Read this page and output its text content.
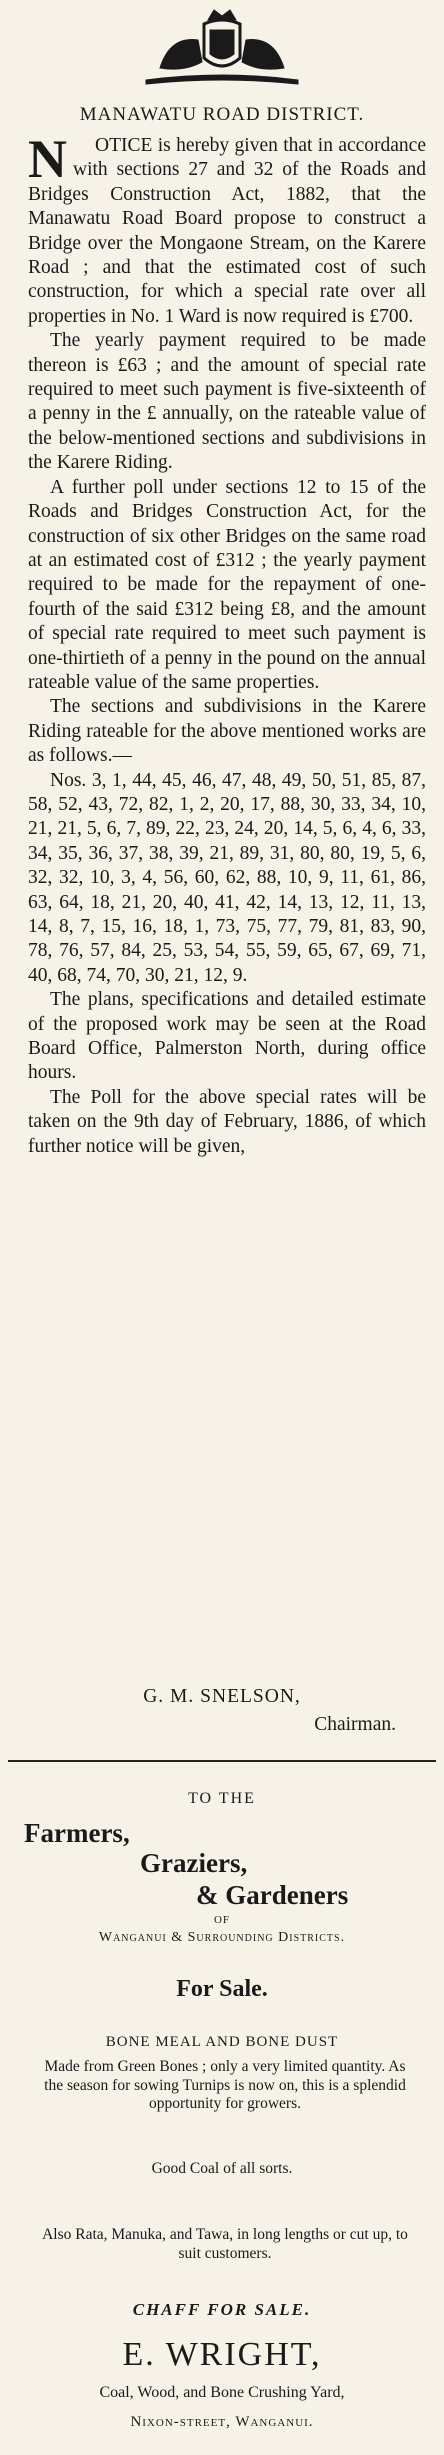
MANAWATU ROAD DISTRICT.

N OTICE is hereby given that in accordance with sections 27 and 32 of the Roads and Bridges Construction Act, 1882, that the Manawatu Road Board propose to construct a Bridge over the Mongaone Stream, on the Karere Road ; and that the estimated cost of such construction, for which a special rate over all properties in No. 1 Ward is now required is £700.

The yearly payment required to be made thereon is £63 ; and the amount of special rate required to meet such payment is five-sixteenth of a penny in the £ annually, on the rateable value of the below-mentioned sections and subdivisions in the Karere Riding.

A further poll under sections 12 to 15 of the Roads and Bridges Construction Act, for the construction of six other Bridges on the same road at an estimated cost of £312 ; the yearly payment required to be made for the repayment of one-fourth of the said £312 being £8, and the amount of special rate required to meet such payment is one-thirtieth of a penny in the pound on the annual rateable value of the same properties.

The sections and subdivisions in the Karere Riding rateable for the above mentioned works are as follows.—

Nos. 3, 1, 44, 45, 46, 47, 48, 49, 50, 51, 85, 87, 58, 52, 43, 72, 82, 1, 2, 20, 17, 88, 30, 33, 34, 10, 21, 21, 5, 6, 7, 89, 22, 23, 24, 20, 14, 5, 6, 4, 6, 33, 34, 35, 36, 37, 38, 39, 21, 89, 31, 80, 80, 19, 5, 6, 32, 32, 10, 3, 4, 56, 60, 62, 88, 10, 9, 11, 61, 86, 63, 64, 18, 21, 20, 40, 41, 42, 14, 13, 12, 11, 13, 14, 8, 7, 15, 16, 18, 1, 73, 75, 77, 79, 81, 83, 90, 78, 76, 57, 84, 25, 53, 54, 55, 59, 65, 67, 69, 71, 40, 68, 74, 70, 30, 21, 12, 9.

The plans, specifications and detailed estimate of the proposed work may be seen at the Road Board Office, Palmerston North, during office hours.

The Poll for the above special rates will be taken on the 9th day of February, 1886, of which further notice will be given,

G. M. SNELSON,
Chairman.
TO THE
Farmers,
Graziers,
& Gardeners
OF
Wanganui & Surrounding Districts.
For Sale.
BONE MEAL AND BONE DUST
Made from Green Bones ; only a very limited quantity. As the season for sowing Turnips is now on, this is a splendid opportunity for growers.
Good Coal of all sorts.
Also Rata, Manuka, and Tawa, in long lengths or cut up, to suit customers.
CHAFF FOR SALE.
E. WRIGHT,
Coal, Wood, and Bone Crushing Yard,
Nixon-street, Wanganui.
